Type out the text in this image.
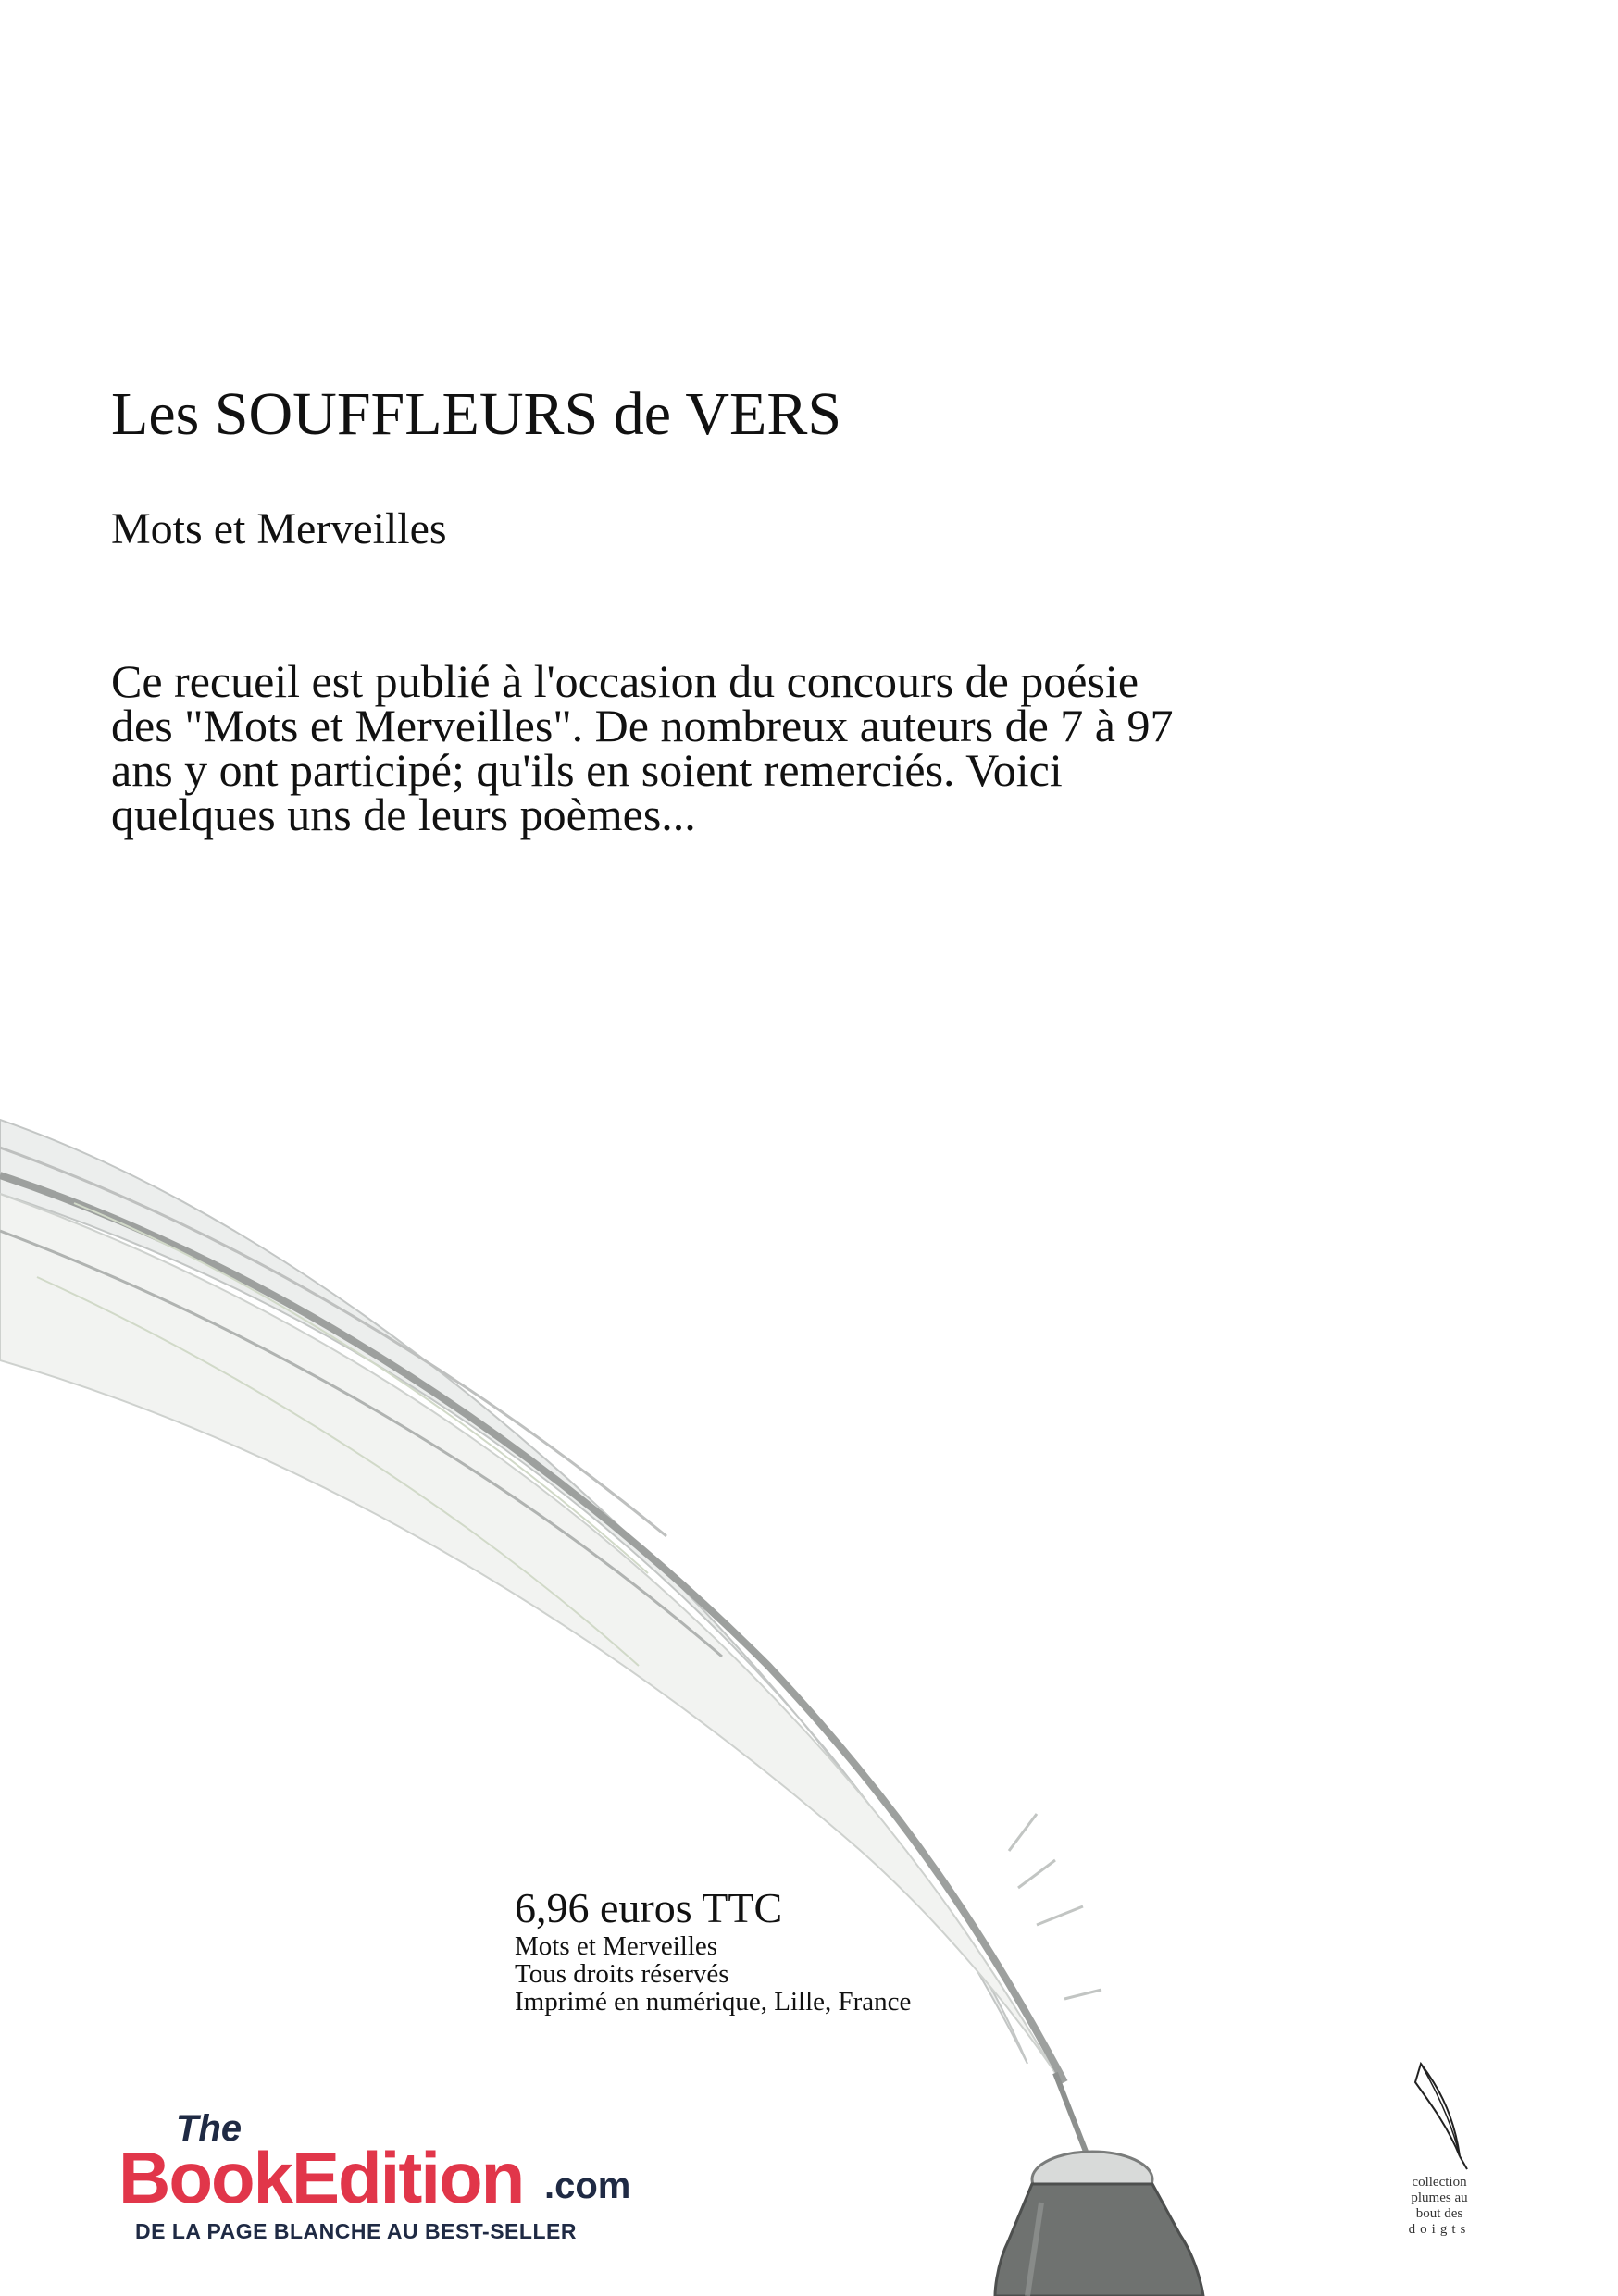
Les SOUFFLEURS de VERS
Mots et Merveilles
Ce recueil est publié à l'occasion du concours de poésie des "Mots et Merveilles". De nombreux auteurs de 7 à 97 ans y ont participé; qu'ils en soient remerciés. Voici quelques uns de leurs poèmes...
6,96 euros TTC
Mots et Merveilles
Tous droits réservés
Imprimé en numérique, Lille, France
The
BookEdition .com
DE LA PAGE BLANCHE AU BEST-SELLER
collection
plumes au
bout des
doigts
